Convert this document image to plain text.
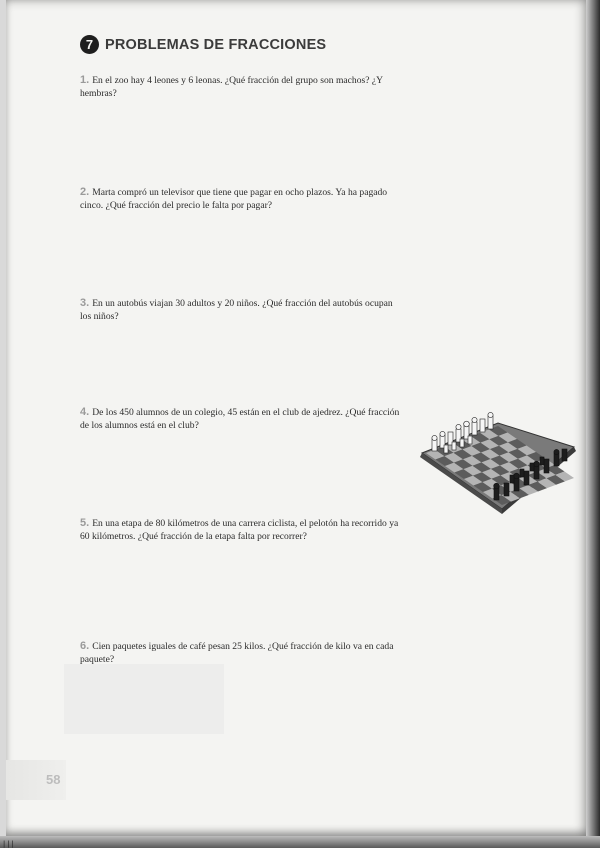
7 PROBLEMAS DE FRACCIONES
1. En el zoo hay 4 leones y 6 leonas. ¿Qué fracción del grupo son machos? ¿Y hembras?
2. Marta compró un televisor que tiene que pagar en ocho plazos. Ya ha pagado cinco. ¿Qué fracción del precio le falta por pagar?
3. En un autobús viajan 30 adultos y 20 niños. ¿Qué fracción del autobús ocupan los niños?
4. De los 450 alumnos de un colegio, 45 están en el club de ajedrez. ¿Qué fracción de los alumnos está en el club?
5. En una etapa de 80 kilómetros de una carrera ciclista, el pelotón ha recorrido ya 60 kilómetros. ¿Qué fracción de la etapa falta por recorrer?
6. Cien paquetes iguales de café pesan 25 kilos. ¿Qué fracción de kilo va en cada paquete?
58
|||
